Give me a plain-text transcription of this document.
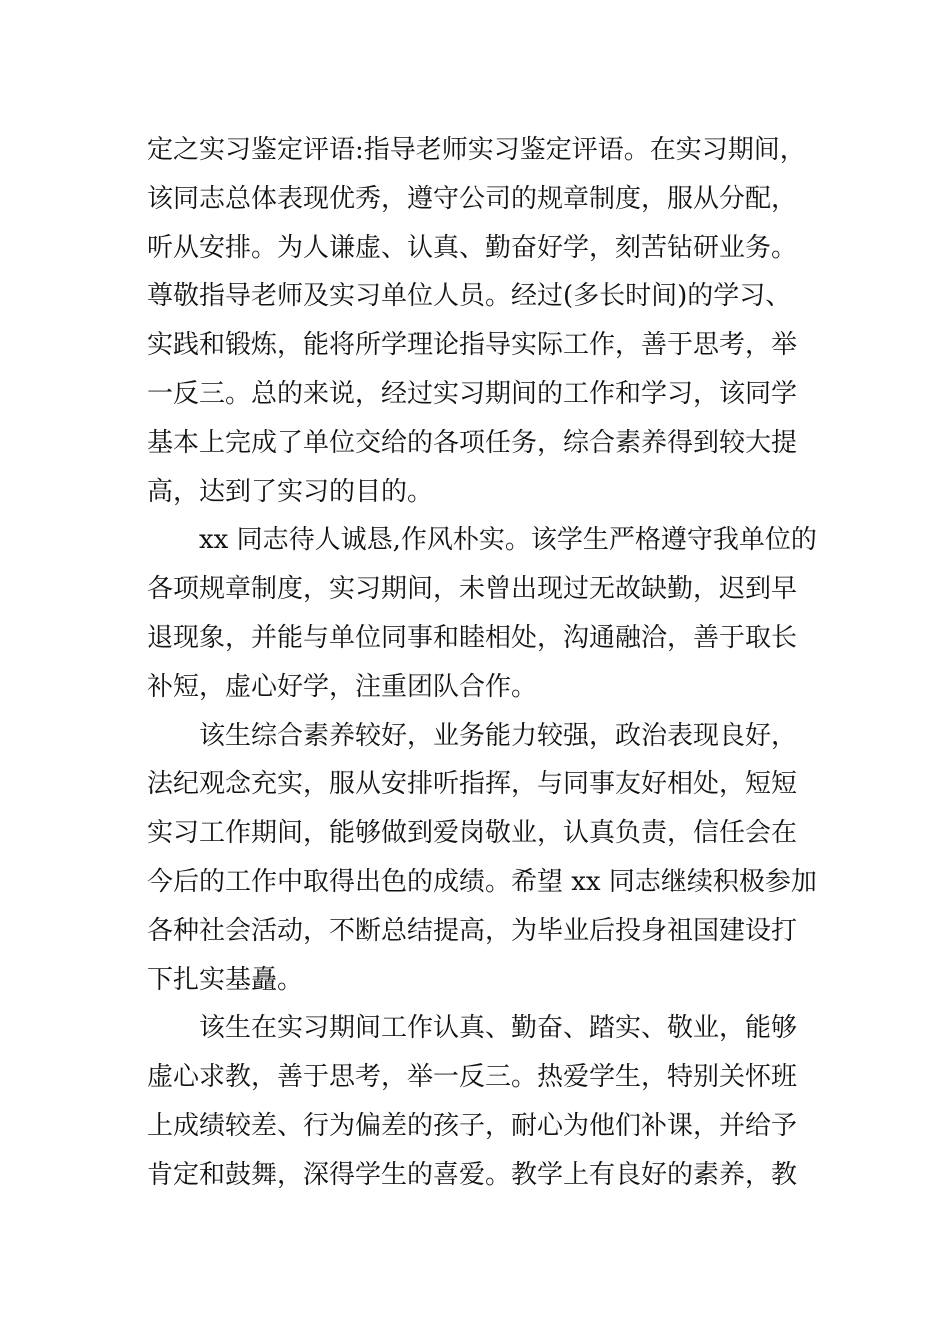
定之实习鉴定评语:指导老师实习鉴定评语。在实习期间，
该同志总体表现优秀，遵守公司的规章制度，服从分配，
听从安排。为人谦虚、认真、勤奋好学，刻苦钻研业务。
尊敬指导老师及实习单位人员。经过(多长时间)的学习、
实践和锻炼，能将所学理论指导实际工作，善于思考，举
一反三。总的来说，经过实习期间的工作和学习，该同学
基本上完成了单位交给的各项任务，综合素养得到较大提
高，达到了实习的目的。
　　xx 同志待人诚恳,作风朴实。该学生严格遵守我单位的
各项规章制度，实习期间，未曾出现过无故缺勤，迟到早
退现象，并能与单位同事和睦相处，沟通融洽，善于取长
补短，虚心好学，注重团队合作。
　　该生综合素养较好，业务能力较强，政治表现良好，
法纪观念充实，服从安排听指挥，与同事友好相处，短短
实习工作期间，能够做到爱岗敬业，认真负责，信任会在
今后的工作中取得出色的成绩。希望 xx 同志继续积极参加
各种社会活动，不断总结提高，为毕业后投身祖国建设打
下扎实基矗。
　　该生在实习期间工作认真、勤奋、踏实、敬业，能够
虚心求教，善于思考，举一反三。热爱学生，特别关怀班
上成绩较差、行为偏差的孩子，耐心为他们补课，并给予
肯定和鼓舞，深得学生的喜爱。教学上有良好的素养，教
